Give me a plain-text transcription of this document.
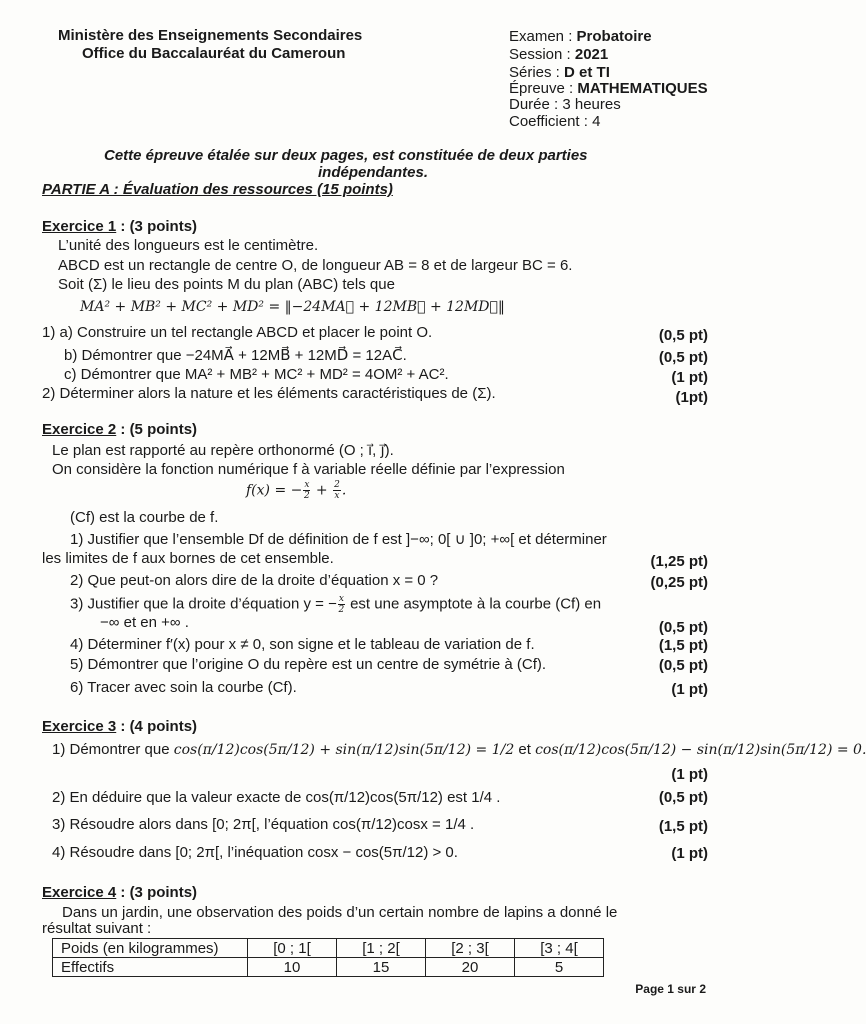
Ministère des Enseignements Secondaires
Office du Baccalauréat du Cameroun
Examen : Probatoire
Session : 2021
Séries : D et TI
Épreuve : MATHEMATIQUES
Durée : 3 heures
Coefficient : 4
Cette épreuve étalée sur deux pages, est constituée de deux parties
indépendantes.
PARTIE A : Évaluation des ressources (15 points)
Exercice 1 : (3 points)
L’unité des longueurs est le centimètre.
ABCD est un rectangle de centre O, de longueur AB = 8 et de largeur BC = 6.
Soit (Σ) le lieu des points M du plan (ABC) tels que
MA² + MB² + MC² + MD² = ‖−24MA⃗ + 12MB⃗ + 12MD⃗‖
1) a) Construire un tel rectangle ABCD et placer le point O.	(0,5 pt)
b) Démontrer que −24MA⃗ + 12MB⃗ + 12MD⃗ = 12AC⃗.	(0,5 pt)
c) Démontrer que MA² + MB² + MC² + MD² = 4OM² + AC².	(1 pt)
2) Déterminer alors la nature et les éléments caractéristiques de (Σ).	(1pt)
Exercice 2 : (5 points)
Le plan est rapporté au repère orthonormé (O ; i⃗, j⃗).
On considère la fonction numérique f à variable réelle définie par l’expression
f(x) = − $\frac{x}{2} + \frac{2}{x}$ .
(Cf) est la courbe de f.
1) Justifier que l’ensemble Df de définition de f est ]−∞; 0[ ∪ ]0; +∞[ et déterminer
les limites de f aux bornes de cet ensemble.	(1,25 pt)
2) Que peut-on alors dire de la droite d’équation x = 0 ?	(0,25 pt)
3) Justifier que la droite d’équation y = − $\frac{x}{2}$ est une asymptote à la courbe (Cf) en
−∞ et en +∞ .	(0,5 pt)
4) Déterminer f′(x) pour x ≠ 0, son signe et le tableau de variation de f.	(1,5 pt)
5) Démontrer que l’origine O du repère est un centre de symétrie à (Cf).	(0,5 pt)
6) Tracer avec soin la courbe (Cf).	(1 pt)
Exercice 3 : (4 points)
1) Démontrer que cos(π/12)cos(5π/12) + sin(π/12)sin(5π/12) = 1/2 et cos(π/12)cos(5π/12) − sin(π/12)sin(5π/12) = 0.
(1 pt)
2) En déduire que la valeur exacte de cos(π/12)cos(5π/12) est 1/4 .	(0,5 pt)
3) Résoudre alors dans [0; 2π[, l’équation cos(π/12)cosx = 1/4 .	(1,5 pt)
4) Résoudre dans [0; 2π[, l’inéquation cosx − cos(5π/12) > 0.	(1 pt)
Exercice 4 : (3 points)
Dans un jardin, une observation des poids d’un certain nombre de lapins a donné le
résultat suivant :
Poids (en kilogrammes)	[0 ; 1[	[1 ; 2[	[2 ; 3[	[3 ; 4[
Effectifs	10	15	20	5
Page 1 sur 2
